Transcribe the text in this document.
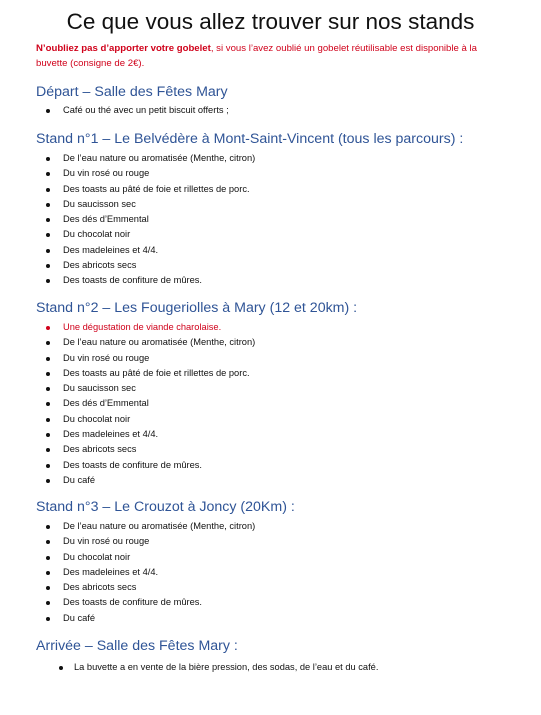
Ce que vous allez trouver sur nos stands
N’oubliez pas d’apporter votre gobelet, si vous l’avez oublié un gobelet réutilisable est disponible à la buvette (consigne de 2€).
Départ – Salle des Fêtes Mary
Café ou thé avec un petit biscuit offerts ;
Stand n°1 – Le Belvédère à Mont-Saint-Vincent (tous les parcours) :
De l’eau nature ou aromatisée (Menthe, citron)
Du vin rosé ou rouge
Des toasts au pâté de foie et rillettes de porc.
Du saucisson sec
Des dés d’Emmental
Du chocolat noir
Des madeleines et 4/4.
Des abricots secs
Des toasts de confiture de mûres.
Stand n°2 – Les Fougeriolles à Mary (12 et 20km) :
Une dégustation de viande charolaise.
De l’eau nature ou aromatisée (Menthe, citron)
Du vin rosé ou rouge
Des toasts au pâté de foie et rillettes de porc.
Du saucisson sec
Des dés d’Emmental
Du chocolat noir
Des madeleines et 4/4.
Des abricots secs
Des toasts de confiture de mûres.
Du café
Stand n°3 – Le Crouzot à Joncy (20Km) :
De l’eau nature ou aromatisée (Menthe, citron)
Du vin rosé ou rouge
Du chocolat noir
Des madeleines et 4/4.
Des abricots secs
Des toasts de confiture de mûres.
Du café
Arrivée – Salle des Fêtes Mary :
La buvette a en vente de la bière pression, des sodas, de l’eau et du café.
